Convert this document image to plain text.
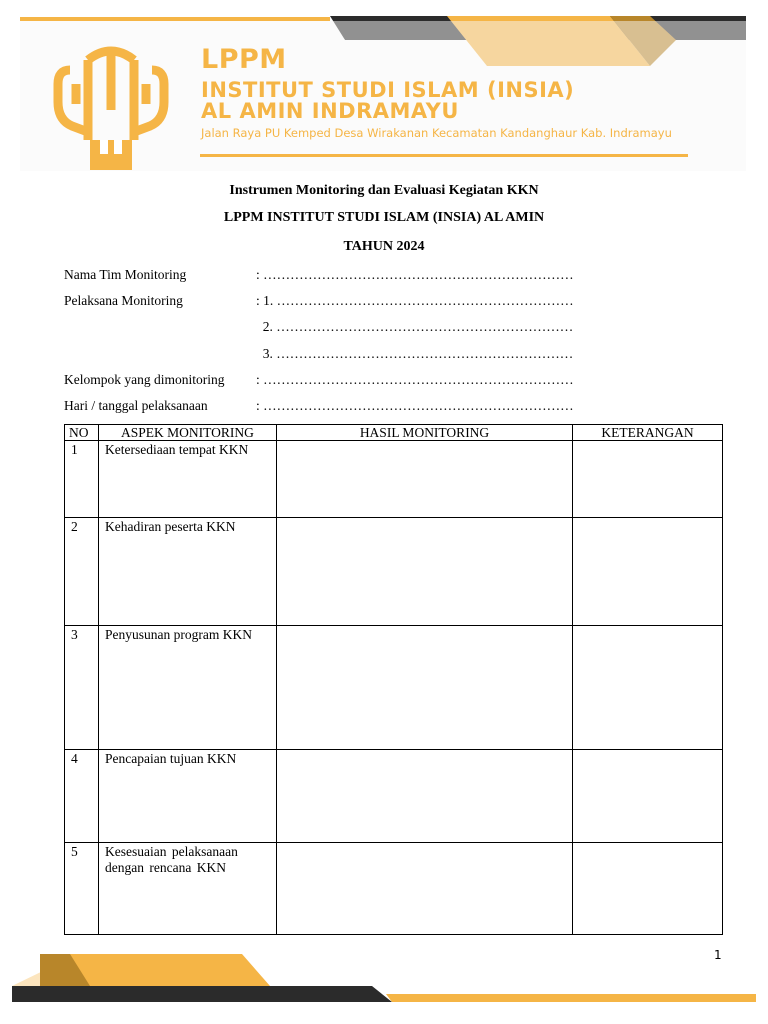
LPPM
INSTITUT STUDI ISLAM (INSIA)
AL AMIN INDRAMAYU
Jalan Raya PU Kemped Desa Wirakanan Kecamatan Kandanghaur Kab. Indramayu
Instrumen Monitoring dan Evaluasi Kegiatan KKN
LPPM INSTITUT STUDI ISLAM (INSIA) AL AMIN
TAHUN 2024
Nama Tim Monitoring	: ……………………………………………………………
Pelaksana Monitoring	: 1. …………………………………………………………
2. …………………………………………………………
3. …………………………………………………………
Kelompok yang dimonitoring : ……………………………………………………………
Hari / tanggal pelaksanaan	: ……………………………………………………………
NO	ASPEK MONITORING	HASIL MONITORING	KETERANGAN
1	Ketersediaan tempat KKN		
2	Kehadiran peserta KKN		
3	Penyusunan program KKN		
4	Pencapaian tujuan KKN		
5	Kesesuaian pelaksanaan dengan rencana KKN		
1
